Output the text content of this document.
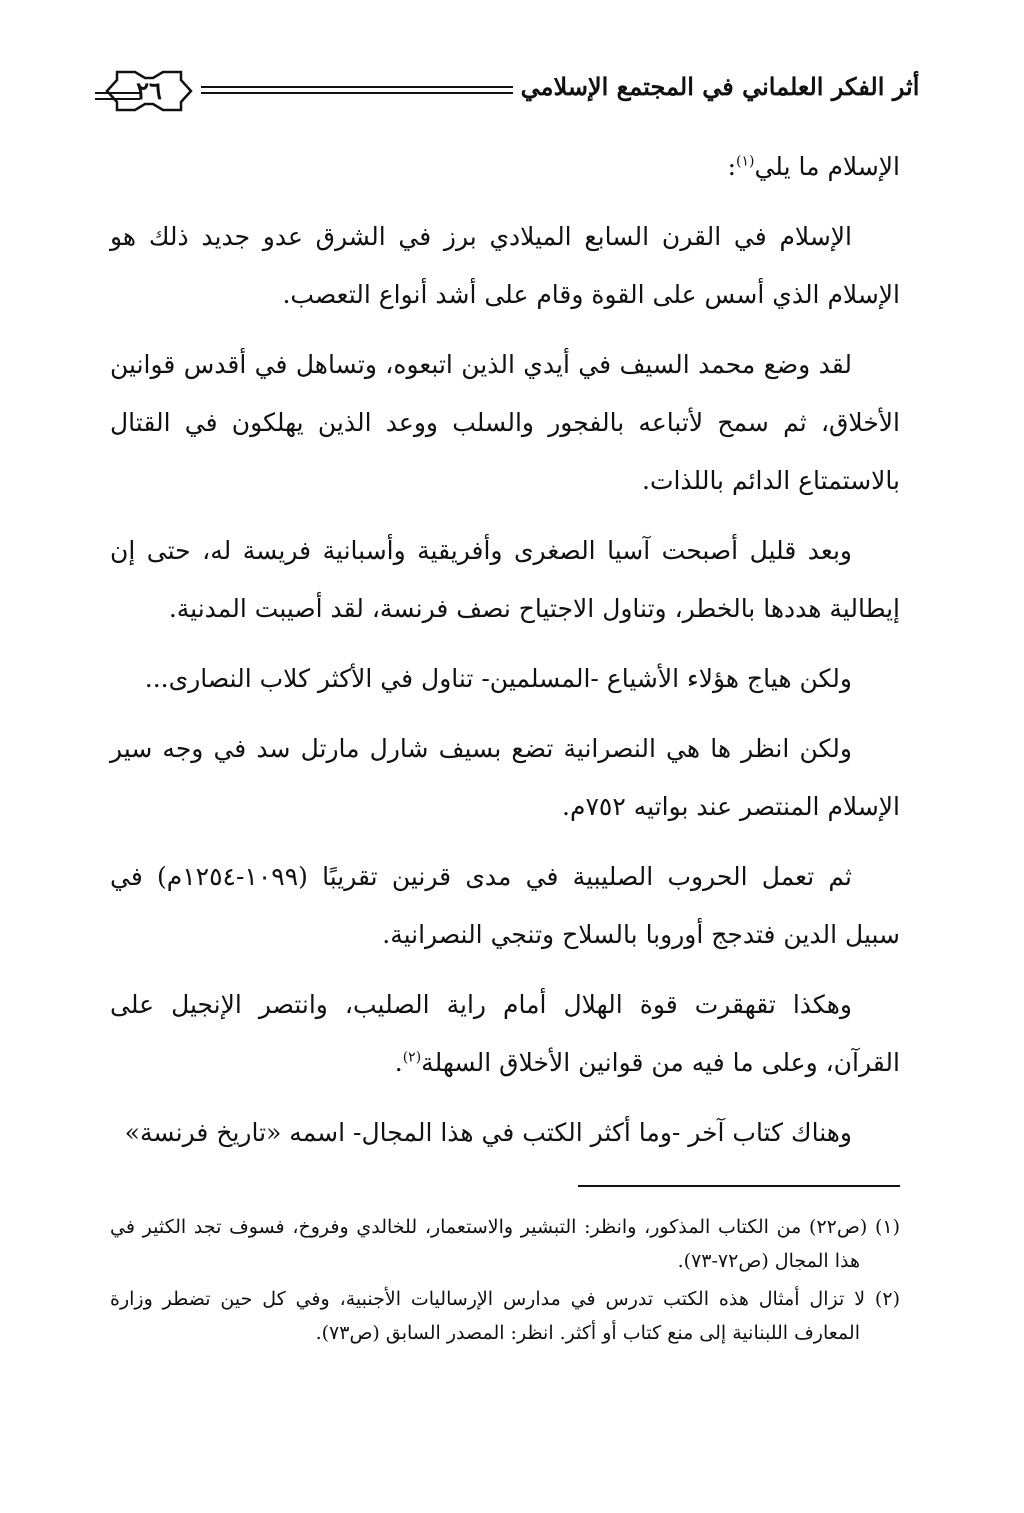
٢٦	أثر الفكر العلماني في المجتمع الإسلامي

الإسلام ما يلي$^{(١)}$:

الإسلام في القرن السابع الميلادي برز في الشرق عدو جديد ذلك هو الإسلام الذي أسس على القوة وقام على أشد أنواع التعصب.

لقد وضع محمد السيف في أيدي الذين اتبعوه، وتساهل في أقدس قوانين الأخلاق، ثم سمح لأتباعه بالفجور والسلب ووعد الذين يهلكون في القتال بالاستمتاع الدائم باللذات.

وبعد قليل أصبحت آسيا الصغرى وأفريقية وأسبانية فريسة له، حتى إن إيطالية هددها بالخطر، وتناول الاجتياح نصف فرنسة، لقد أصيبت المدنية.

ولكن هياج هؤلاء الأشياع -المسلمين- تناول في الأكثر كلاب النصارى...

ولكن انظر ها هي النصرانية تضع بسيف شارل مارتل سد في وجه سير الإسلام المنتصر عند بواتيه ٧٥٢م.

ثم تعمل الحروب الصليبية في مدى قرنين تقريبًا (١٠٩٩-١٢٥٤م) في سبيل الدين فتدجج أوروبا بالسلاح وتنجي النصرانية.

وهكذا تقهقرت قوة الهلال أمام راية الصليب، وانتصر الإنجيل على القرآن، وعلى ما فيه من قوانين الأخلاق السهلة$^{(٢)}$.

وهناك كتاب آخر -وما أكثر الكتب في هذا المجال- اسمه «تاريخ فرنسة»

(١) (ص٢٢) من الكتاب المذكور، وانظر: التبشير والاستعمار، للخالدي وفروخ، فسوف تجد الكثير في هذا المجال (ص٧٢-٧٣).

(٢) لا تزال أمثال هذه الكتب تدرس في مدارس الإرساليات الأجنبية، وفي كل حين تضطر وزارة المعارف اللبنانية إلى منع كتاب أو أكثر. انظر: المصدر السابق (ص٧٣).
